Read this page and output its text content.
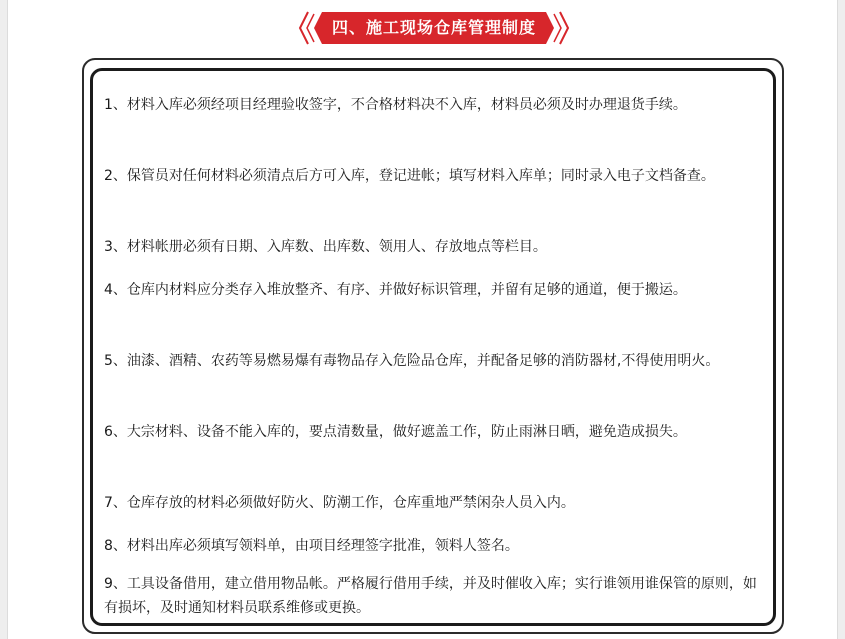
四、施工现场仓库管理制度

1、材料入库必须经项目经理验收签字，不合格材料决不入库，材料员必须及时办理退货手续。

2、保管员对任何材料必须清点后方可入库，登记进帐；填写材料入库单；同时录入电子文档备查。

3、材料帐册必须有日期、入库数、出库数、领用人、存放地点等栏目。

4、仓库内材料应分类存入堆放整齐、有序、并做好标识管理，并留有足够的通道，便于搬运。

5、油漆、酒精、农药等易燃易爆有毒物品存入危险品仓库，并配备足够的消防器材,不得使用明火。

6、大宗材料、设备不能入库的，要点清数量，做好遮盖工作，防止雨淋日晒，避免造成损失。

7、仓库存放的材料必须做好防火、防潮工作，仓库重地严禁闲杂人员入内。

8、材料出库必须填写领料单，由项目经理签字批准，领料人签名。

9、工具设备借用，建立借用物品帐。严格履行借用手续，并及时催收入库；实行谁领用谁保管的原则，如有损坏，及时通知材料员联系维修或更换。
